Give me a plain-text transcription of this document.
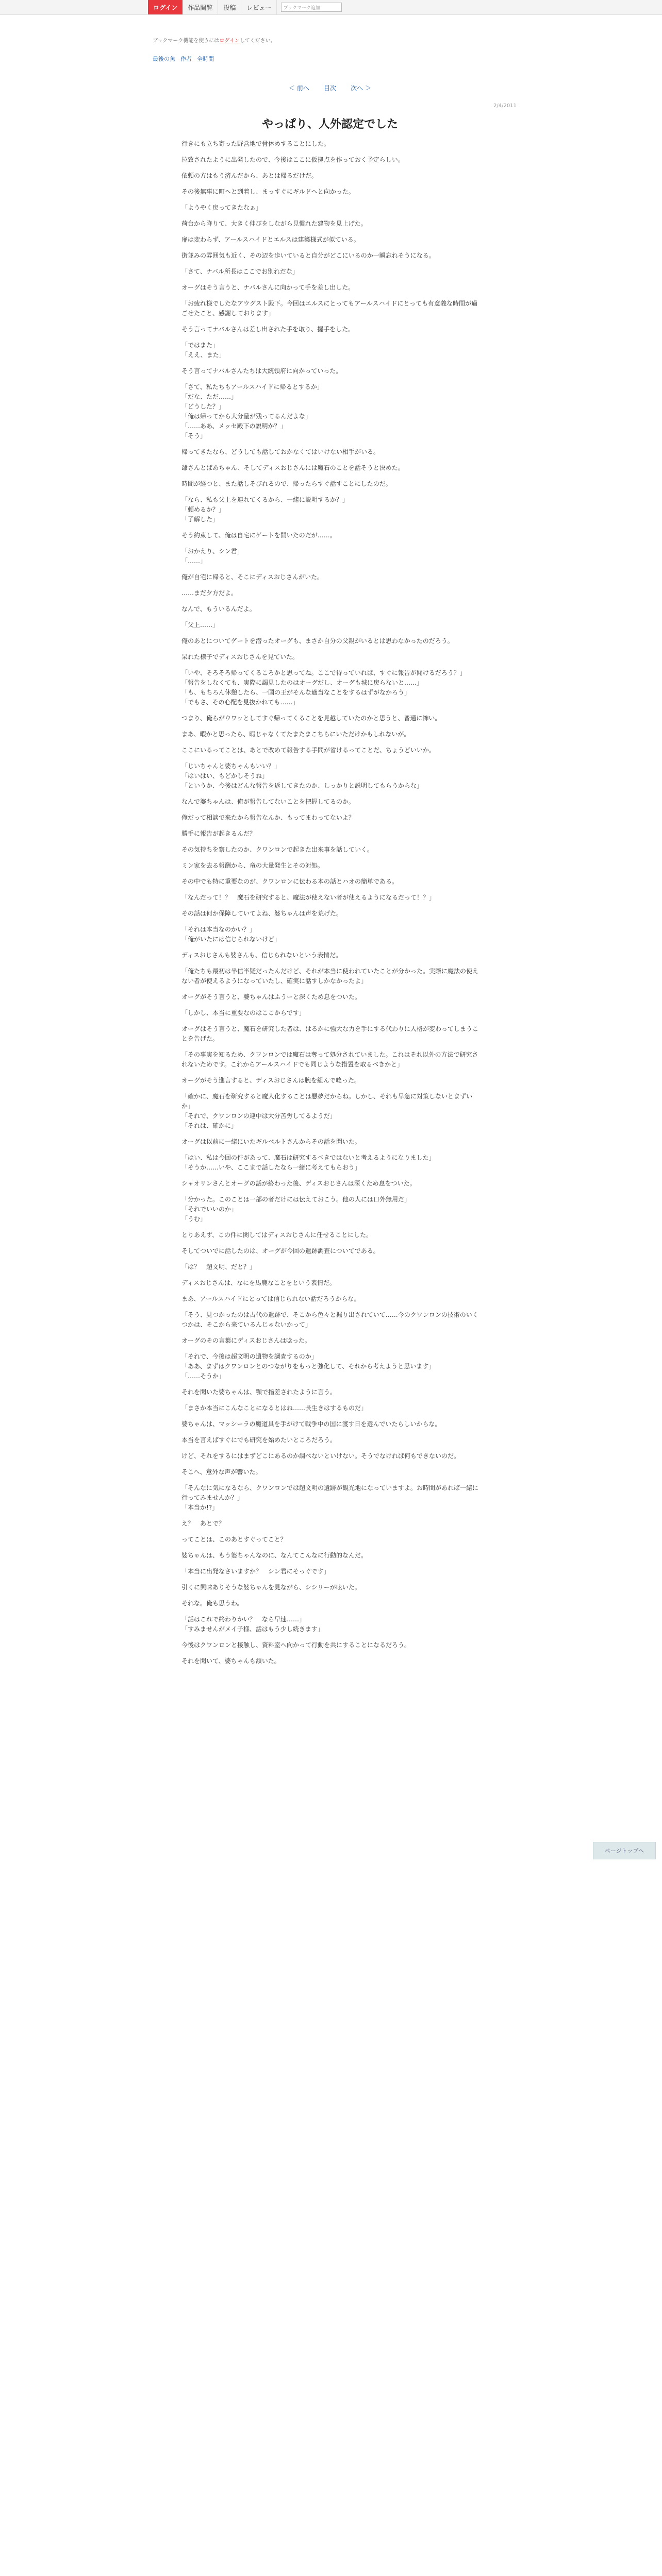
ログイン	作品閲覧	投稿	レビュー	ブックマーク追加
ブックマーク機能を使うにはログインしてください。
最後の魚 作者 全時間
＜ 前へ 目次 次へ ＞
2/4/2011
やっぱり、人外認定でした

行きにも立ち寄った野営地で骨休めすることにした。

拉致されたように出発したので、今後はここに仮拠点を作っておく予定らしい。

依頼の方はもう済んだから、あとは帰るだけだ。

その後無事に町へと到着し、まっすぐにギルドへと向かった。

「ようやく戻ってきたなぁ」

荷台から降りて、大きく伸びをしながら見慣れた建物を見上げた。

扉は変わらず、アールスハイドとエルスは建築様式が似ている。

街並みの雰囲気も近く、その辺を歩いていると自分がどこにいるのか一瞬忘れそうになる。

「さて、ナバル所長はここでお別れだな」

オーグはそう言うと、ナバルさんに向かって手を差し出した。

「お疲れ様でしたなアウグスト殿下。今回はエルスにとってもアールスハイドにとっても有意義な時間が過ごせたこと、感謝しております」

そう言ってナバルさんは差し出された手を取り、握手をした。

「ではまた」
「ええ、また」

そう言ってナバルさんたちは大統領府に向かっていった。

「さて、私たちもアールスハイドに帰るとするか」
「だな、ただ……」
「どうした？」
「俺は帰ってから大分量が残ってるんだよな」
「……ああ、メッセ殿下の説明か？」
「そう」

帰ってきたなら、どうしても話しておかなくてはいけない相手がいる。

爺さんとばあちゃん、そしてディスおじさんには魔石のことを話そうと決めた。

時間が経つと、また話しそびれるので、帰ったらすぐ話すことにしたのだ。

「なら、私も父上を連れてくるから、一緒に説明するか？」
「頼めるか？」
「了解した」

そう約束して、俺は自宅にゲートを開いたのだが……。

「おかえり、シン君」
「……」

俺が自宅に帰ると、そこにディスおじさんがいた。

……まだ夕方だよ。

なんで、もういるんだよ。

「父上……」

俺のあとについてゲートを潜ったオーグも、まさか自分の父親がいるとは思わなかったのだろう。

呆れた様子でディスおじさんを見ていた。

「いや、そろそろ帰ってくるころかと思ってね。ここで待っていれば、すぐに報告が聞けるだろう？」
「報告をしなくても、実際に謁見したのはオーグだし、オーグも城に戻らないと……」
「も、もちろん休憩したら、一国の王がそんな適当なことをするはずがなかろう」
「でもさ、その心配を見抜かれても……」

つまり、俺らがウワッとしてすぐ帰ってくることを見越していたのかと思うと、普通に怖い。

まあ、暇かと思ったら、暇じゃなくてたまたまこちらにいただけかもしれないが。

ここにいるってことは、あとで改めて報告する手間が省けるってことだ、ちょうどいいか。

「じいちゃんと婆ちゃんもいい？」
「はいはい、もどかしそうね」
「というか、今後はどんな報告を返してきたのか、しっかりと説明してもらうからな」

なんで婆ちゃんは、俺が報告してないことを把握してるのか。

俺だって相談で来たから報告なんか、もってまわってないよ？

勝手に報告が起きるんだ？

その気持ちを察したのか、クワンロンで起きた出来事を話していく。

ミン家を去る報酬から、竜の大量発生とその対処。

その中でも特に重要なのが、クワンロンに伝わる本の話とハオの簡単である。

「なんだって！？　魔石を研究すると、魔法が使えない者が使えるようになるだって！？」

その話は何か保障していてよね、婆ちゃんは声を荒げた。

「それは本当なのかい？」
「俺がいたには信じられないけど」

ディスおじさんも婆さんも、信じられないという表情だ。

「俺たちも最初は半信半疑だったんだけど、それが本当に使われていたことが分かった。実際に魔法の使えない者が使えるようになっていたし、確実に話すしかなかったよ」

オーグがそう言うと、婆ちゃんはふうーと深くため息をついた。

「しかし、本当に重要なのはここからです」

オーグはそう言うと、魔石を研究した者は、はるかに強大な力を手にする代わりに人格が変わってしまうことを告げた。

「その事実を知るため、クワンロンでは魔石は奪って処分されていました。これはそれ以外の方法で研究されないためです。これからアールスハイドでも同じような措置を取るべきかと」

オーグがそう進言すると、ディスおじさんは腕を組んで唸った。

「確かに、魔石を研究すると魔人化することは悪夢だからね。しかし、それも早急に対策しないとまずいか」
「それで、クワンロンの連中は大分苦労してるようだ」
「それは、確かに」

オーグは以前に一緒にいたギルベルトさんからその話を聞いた。

「はい、私は今回の件があって、魔石は研究するべきではないと考えるようになりました」
「そうか……いや、ここまで話したなら一緒に考えてもらおう」

シャオリンさんとオーグの話が終わった後、ディスおじさんは深くため息をついた。

「分かった。このことは一部の者だけには伝えておこう。他の人には口外無用だ」
「それでいいのか」
「うむ」

とりあえず、この件に関してはディスおじさんに任せることにした。

そしてついでに話したのは、オーグが今回の遺跡調査についてである。

「は？　超文明、だと？」

ディスおじさんは、なにを馬鹿なことをという表情だ。

まあ、アールスハイドにとっては信じられない話だろうからな。

「そう、見つかったのは古代の遺跡で、そこから色々と掘り出されていて……今のクワンロンの技術のいくつかは、そこから来ているんじゃないかって」

オーグのその言葉にディスおじさんは唸った。

「それで、今後は超文明の遺物を調査するのか」
「ああ、まずはクワンロンとのつながりをもっと強化して、それから考えようと思います」
「……そうか」

それを聞いた婆ちゃんは、顎で指差されたように言う。

「まさか本当にこんなことになるとはね……長生きはするものだ」

婆ちゃんは、マッシーラの魔道具を手がけて戦争中の国に渡す日を選んでいたらしいからな。

本当を言えばすぐにでも研究を始めたいところだろう。

けど、それをするにはまずどこにあるのか調べないといけない。そうでなければ何もできないのだ。

そこへ、意外な声が響いた。

「そんなに気になるなら、クワンロンでは超文明の遺跡が観光地になっていますよ。お時間があれば一緒に行ってみませんか？」
「本当か!?」

え？　あとで？

ってことは、このあとすぐってこと？

婆ちゃんは、もう婆ちゃんなのに、なんてこんなに行動的なんだ。

「本当に出発なさいますか？　シン君にそっぐです」

引くに興味ありそうな婆ちゃんを見ながら、シシリーが呟いた。

それな。俺も思うわ。

「話はこれで終わりかい？　なら早速……」
「すみませんがメイ子様、話はもう少し続きます」

今後はクワンロンと接触し、資料室へ向かって行動を共にすることになるだろう。

それを聞いて、婆ちゃんも頷いた。

ページトップへ
